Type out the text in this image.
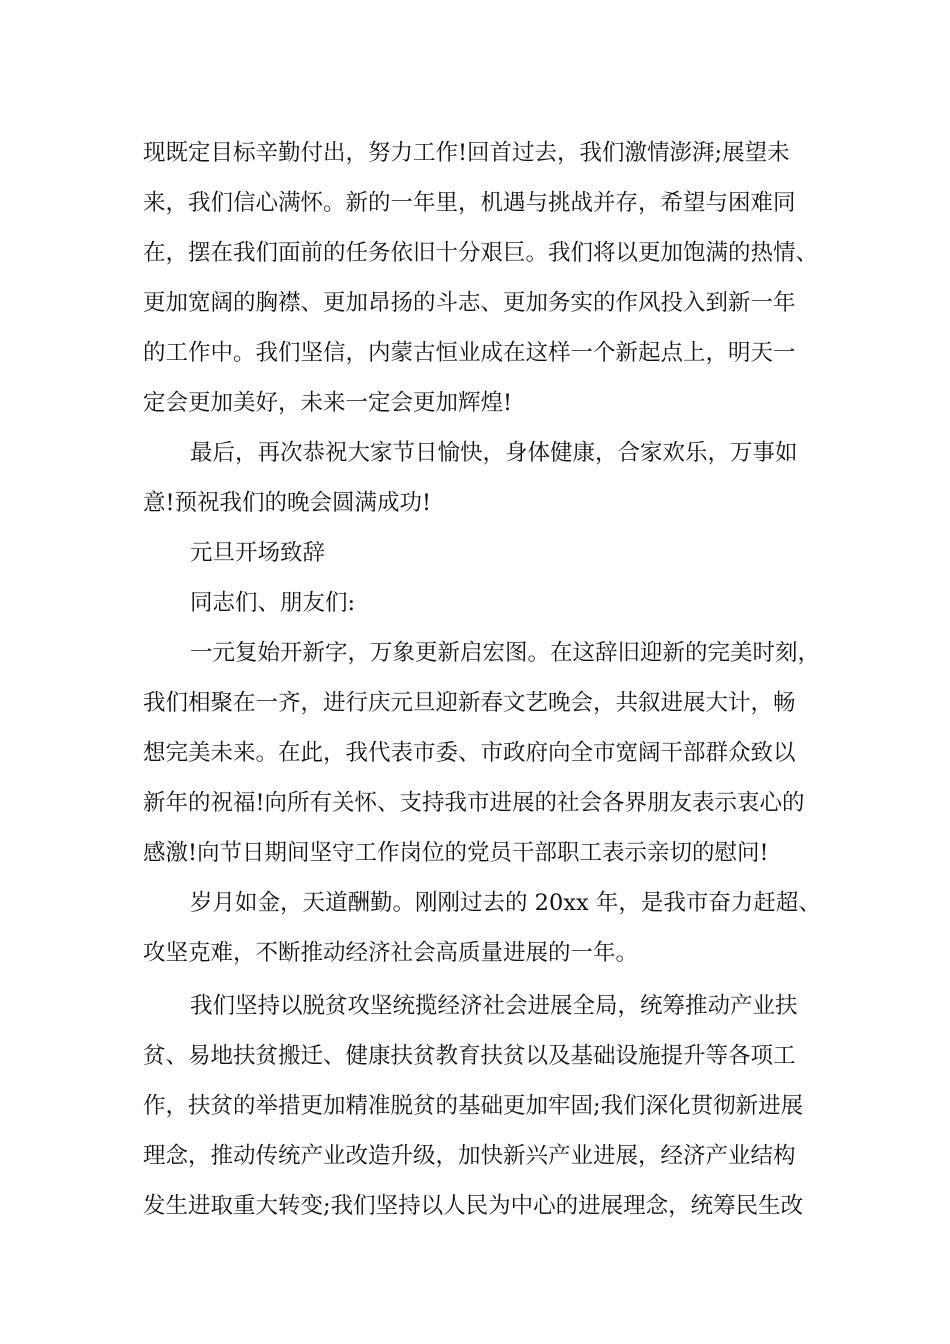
现既定目标辛勤付出，努力工作!回首过去，我们激情澎湃;展望未
来，我们信心满怀。新的一年里，机遇与挑战并存，希望与困难同
在，摆在我们面前的任务依旧十分艰巨。我们将以更加饱满的热情、
更加宽阔的胸襟、更加昂扬的斗志、更加务实的作风投入到新一年
的工作中。我们坚信，内蒙古恒业成在这样一个新起点上，明天一
定会更加美好，未来一定会更加辉煌!
最后，再次恭祝大家节日愉快，身体健康，合家欢乐，万事如
意!预祝我们的晚会圆满成功!
元旦开场致辞
同志们、朋友们:
一元复始开新字，万象更新启宏图。在这辞旧迎新的完美时刻，
我们相聚在一齐，进行庆元旦迎新春文艺晚会，共叙进展大计，畅
想完美未来。在此，我代表市委、市政府向全市宽阔干部群众致以
新年的祝福!向所有关怀、支持我市进展的社会各界朋友表示衷心的
感激!向节日期间坚守工作岗位的党员干部职工表示亲切的慰问!
岁月如金，天道酬勤。刚刚过去的 20xx 年，是我市奋力赶超、
攻坚克难，不断推动经济社会高质量进展的一年。
我们坚持以脱贫攻坚统揽经济社会进展全局，统筹推动产业扶
贫、易地扶贫搬迁、健康扶贫教育扶贫以及基础设施提升等各项工
作，扶贫的举措更加精准脱贫的基础更加牢固;我们深化贯彻新进展
理念，推动传统产业改造升级，加快新兴产业进展，经济产业结构
发生进取重大转变;我们坚持以人民为中心的进展理念，统筹民生改
